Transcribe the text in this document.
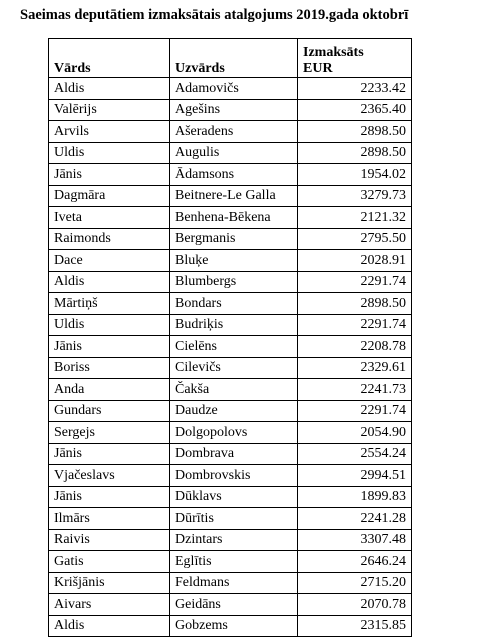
Saeimas deputātiem izmaksātais atalgojums 2019.gada oktobrī
Vārds	Uzvārds	Izmaksāts
EUR

Aldis	Adamovičs	2233.42
Valērijs	Agešins	2365.40
Arvils	Ašeradens	2898.50
Uldis	Augulis	2898.50
Jānis	Ādamsons	1954.02
Dagmāra	Beitnere-Le Galla	3279.73
Iveta	Benhena-Bēkena	2121.32
Raimonds	Bergmanis	2795.50
Dace	Bluķe	2028.91
Aldis	Blumbergs	2291.74
Mārtiņš	Bondars	2898.50
Uldis	Budriķis	2291.74
Jānis	Cielēns	2208.78
Boriss	Cilevičs	2329.61
Anda	Čakša	2241.73
Gundars	Daudze	2291.74
Sergejs	Dolgopolovs	2054.90
Jānis	Dombrava	2554.24
Vjačeslavs	Dombrovskis	2994.51
Jānis	Dūklavs	1899.83
Ilmārs	Dūrītis	2241.28
Raivis	Dzintars	3307.48
Gatis	Eglītis	2646.24
Krišjānis	Feldmans	2715.20
Aivars	Geidāns	2070.78
Aldis	Gobzems	2315.85
